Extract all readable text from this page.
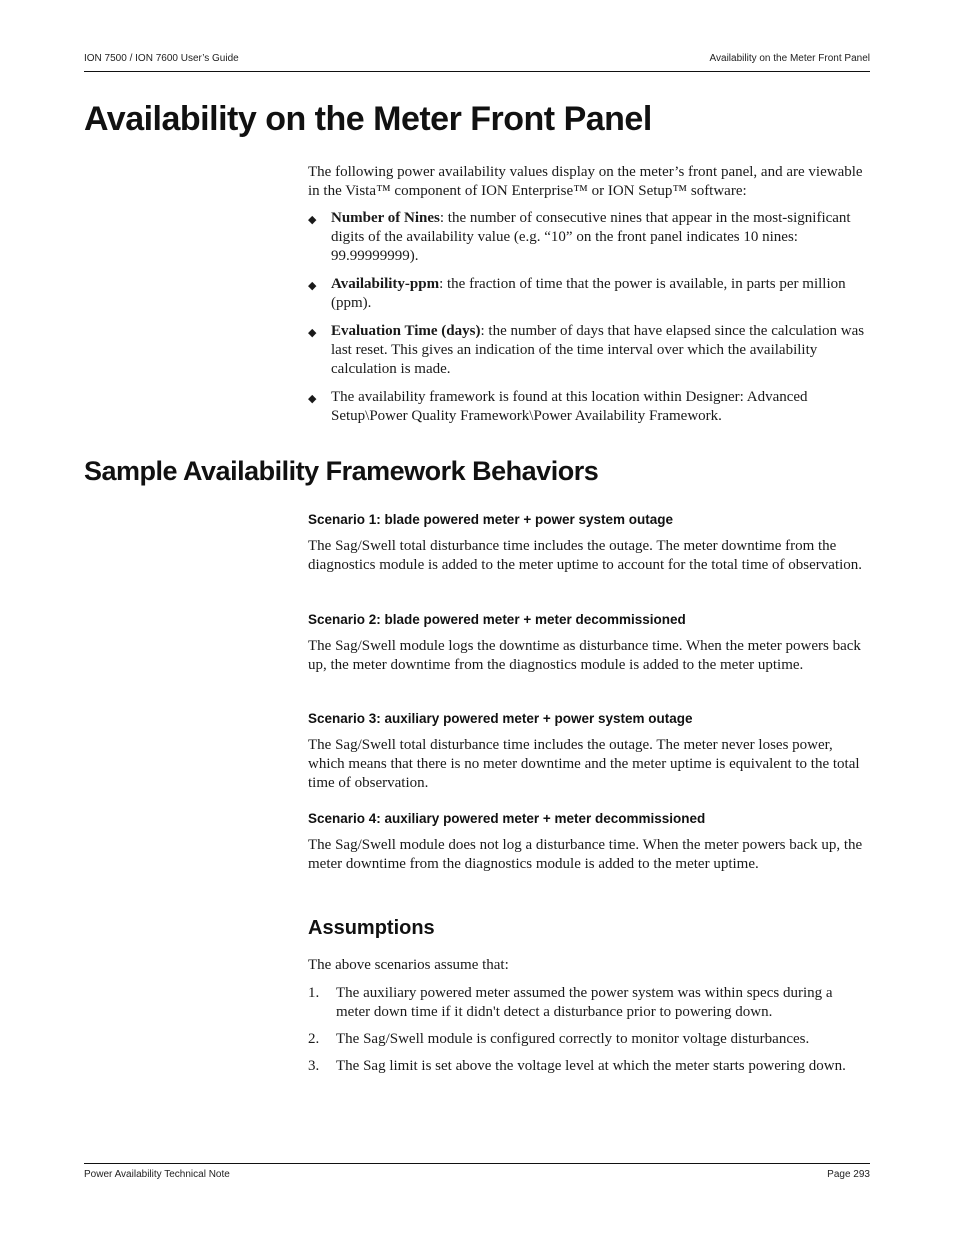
ION 7500 / ION 7600 User’s Guide	Availability on the Meter Front Panel
Availability on the Meter Front Panel

The following power availability values display on the meter’s front panel, and are viewable in the Vista™ component of ION Enterprise™ or ION Setup™ software:

◆ Number of Nines: the number of consecutive nines that appear in the most-significant digits of the availability value (e.g. “10” on the front panel indicates 10 nines: 99.99999999).
◆ Availability-ppm: the fraction of time that the power is available, in parts per million (ppm).
◆ Evaluation Time (days): the number of days that have elapsed since the calculation was last reset. This gives an indication of the time interval over which the availability calculation is made.
◆ The availability framework is found at this location within Designer: Advanced Setup\Power Quality Framework\Power Availability Framework.
Sample Availability Framework Behaviors
Scenario 1: blade powered meter + power system outage

The Sag/Swell total disturbance time includes the outage. The meter downtime from the diagnostics module is added to the meter uptime to account for the total time of observation.

Scenario 2: blade powered meter + meter decommissioned

The Sag/Swell module logs the downtime as disturbance time. When the meter powers back up, the meter downtime from the diagnostics module is added to the meter uptime.

Scenario 3: auxiliary powered meter + power system outage

The Sag/Swell total disturbance time includes the outage. The meter never loses power, which means that there is no meter downtime and the meter uptime is equivalent to the total time of observation.

Scenario 4: auxiliary powered meter + meter decommissioned

The Sag/Swell module does not log a disturbance time. When the meter powers back up, the meter downtime from the diagnostics module is added to the meter uptime.

Assumptions

The above scenarios assume that:

1. The auxiliary powered meter assumed the power system was within specs during a meter down time if it didn't detect a disturbance prior to powering down.
2. The Sag/Swell module is configured correctly to monitor voltage disturbances.
3. The Sag limit is set above the voltage level at which the meter starts powering down.
Power Availability Technical Note	Page 293
